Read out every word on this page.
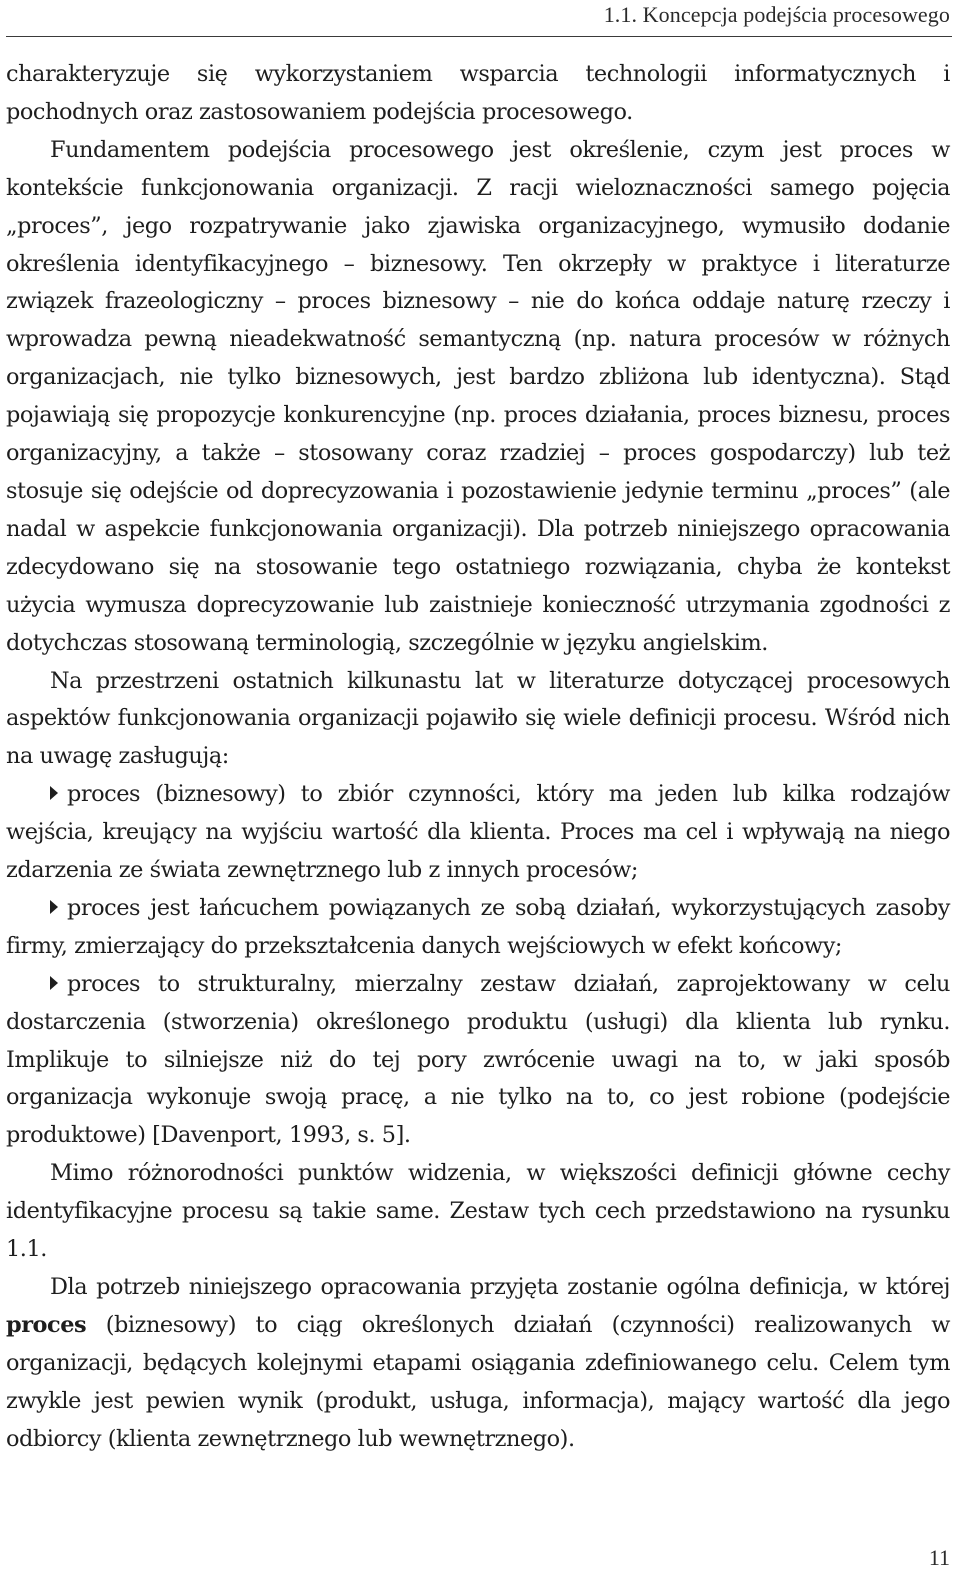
1.1. Koncepcja podejścia procesowego

charakteryzuje się wykorzystaniem wsparcia technologii informatycznych i pochodnych oraz zastosowaniem podejścia procesowego.

Fundamentem podejścia procesowego jest określenie, czym jest proces w kontekście funkcjonowania organizacji. Z racji wieloznaczności samego pojęcia „proces”, jego rozpatrywanie jako zjawiska organizacyjnego, wymusiło dodanie określenia identyfikacyjnego – biznesowy. Ten okrzepły w praktyce i literaturze związek frazeologiczny – proces biznesowy – nie do końca oddaje naturę rzeczy i wprowadza pewną nieadekwatność semantyczną (np. natura procesów w różnych organizacjach, nie tylko biznesowych, jest bardzo zbliżona lub identyczna). Stąd pojawiają się propozycje konkurencyjne (np. proces działania, proces biznesu, proces organizacyjny, a także – stosowany coraz rzadziej – proces gospodarczy) lub też stosuje się odejście od doprecyzowania i pozostawienie jedynie terminu „proces” (ale nadal w aspekcie funkcjonowania organizacji). Dla potrzeb niniejszego opracowania zdecydowano się na stosowanie tego ostatniego rozwiązania, chyba że kontekst użycia wymusza doprecyzowanie lub zaistnieje konieczność utrzymania zgodności z dotychczas stosowaną terminologią, szczególnie w języku angielskim.

Na przestrzeni ostatnich kilkunastu lat w literaturze dotyczącej procesowych aspektów funkcjonowania organizacji pojawiło się wiele definicji procesu. Wśród nich na uwagę zasługują:

proces (biznesowy) to zbiór czynności, który ma jeden lub kilka rodzajów wejścia, kreujący na wyjściu wartość dla klienta. Proces ma cel i wpływają na niego zdarzenia ze świata zewnętrznego lub z innych procesów;

proces jest łańcuchem powiązanych ze sobą działań, wykorzystujących zasoby firmy, zmierzający do przekształcenia danych wejściowych w efekt końcowy;

proces to strukturalny, mierzalny zestaw działań, zaprojektowany w celu dostarczenia (stworzenia) określonego produktu (usługi) dla klienta lub rynku. Implikuje to silniejsze niż do tej pory zwrócenie uwagi na to, w jaki sposób organizacja wykonuje swoją pracę, a nie tylko na to, co jest robione (podejście produktowe) [Davenport, 1993, s. 5].

Mimo różnorodności punktów widzenia, w większości definicji główne cechy identyfikacyjne procesu są takie same. Zestaw tych cech przedstawiono na rysunku 1.1.

Dla potrzeb niniejszego opracowania przyjęta zostanie ogólna definicja, w której proces (biznesowy) to ciąg określonych działań (czynności) realizowanych w organizacji, będących kolejnymi etapami osiągania zdefiniowanego celu. Celem tym zwykle jest pewien wynik (produkt, usługa, informacja), mający wartość dla jego odbiorcy (klienta zewnętrznego lub wewnętrznego).

11
